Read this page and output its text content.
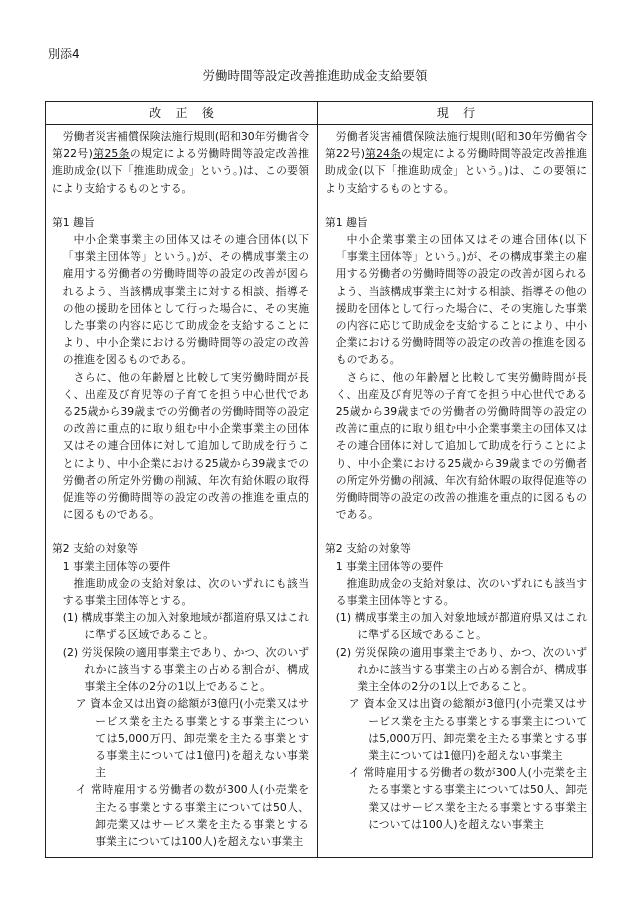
別添4
労働時間等設定改善推進助成金支給要領
改正後	現行

労働者災害補償保険法施行規則(昭和30年労働省令第22号)第25条の規定による労働時間等設定改善推進助成金(以下「推進助成金」という。)は、この要領により支給するものとする。

第1 趣旨

中小企業事業主の団体又はその連合団体(以下「事業主団体等」という。)が、その構成事業主の雇用する労働者の労働時間等の設定の改善が図られるよう、当該構成事業主に対する相談、指導その他の援助を団体として行った場合に、その実施した事業の内容に応じて助成金を支給することにより、中小企業における労働時間等の設定の改善の推進を図るものである。

さらに、他の年齢層と比較して実労働時間が長く、出産及び育児等の子育てを担う中心世代である25歳から39歳までの労働者の労働時間等の設定の改善に重点的に取り組む中小企業事業主の団体又はその連合団体に対して追加して助成を行うことにより、中小企業における25歳から39歳までの労働者の所定外労働の削減、年次有給休暇の取得促進等の労働時間等の設定の改善の推進を重点的に図るものである。

第2 支給の対象等

1 事業主団体等の要件

推進助成金の支給対象は、次のいずれにも該当する事業主団体等とする。

(1) 構成事業主の加入対象地域が都道府県又はこれに準ずる区域であること。

(2) 労災保険の適用事業主であり、かつ、次のいずれかに該当する事業主の占める割合が、構成事業主全体の2分の1以上であること。

ア 資本金又は出資の総額が3億円(小売業又はサービス業を主たる事業とする事業主については5,000万円、卸売業を主たる事業とする事業主については1億円)を超えない事業主

イ 常時雇用する労働者の数が300人(小売業を主たる事業とする事業主については50人、卸売業又はサービス業を主たる事業とする事業主については100人)を超えない事業主

労働者災害補償保険法施行規則(昭和30年労働省令第22号)第24条の規定による労働時間等設定改善推進助成金(以下「推進助成金」という。)は、この要領により支給するものとする。

第1 趣旨

中小企業事業主の団体又はその連合団体(以下「事業主団体等」という。)が、その構成事業主の雇用する労働者の労働時間等の設定の改善が図られるよう、当該構成事業主に対する相談、指導その他の援助を団体として行った場合に、その実施した事業の内容に応じて助成金を支給することにより、中小企業における労働時間等の設定の改善の推進を図るものである。

さらに、他の年齢層と比較して実労働時間が長く、出産及び育児等の子育てを担う中心世代である25歳から39歳までの労働者の労働時間等の設定の改善に重点的に取り組む中小企業事業主の団体又はその連合団体に対して追加して助成を行うことにより、中小企業における25歳から39歳までの労働者の所定外労働の削減、年次有給休暇の取得促進等の労働時間等の設定の改善の推進を重点的に図るものである。

第2 支給の対象等

1 事業主団体等の要件

推進助成金の支給対象は、次のいずれにも該当する事業主団体等とする。

(1) 構成事業主の加入対象地域が都道府県又はこれに準ずる区域であること。

(2) 労災保険の適用事業主であり、かつ、次のいずれかに該当する事業主の占める割合が、構成事業主全体の2分の1以上であること。

ア 資本金又は出資の総額が3億円(小売業又はサービス業を主たる事業とする事業主については5,000万円、卸売業を主たる事業とする事業主については1億円)を超えない事業主

イ 常時雇用する労働者の数が300人(小売業を主たる事業とする事業主については50人、卸売業又はサービス業を主たる事業とする事業主については100人)を超えない事業主
